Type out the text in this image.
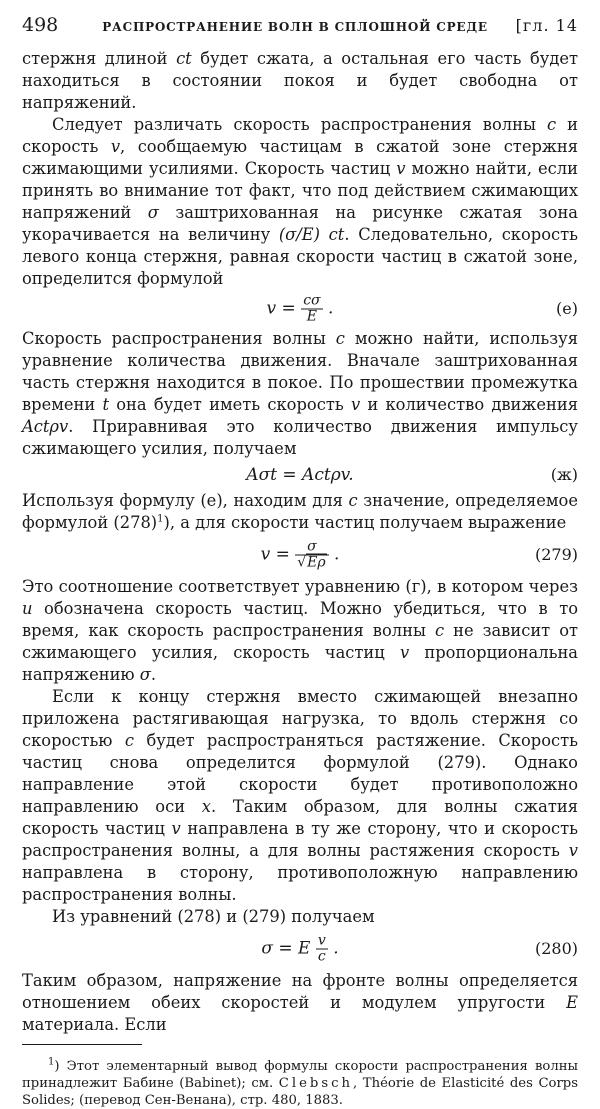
498	РАСПРОСТРАНЕНИЕ ВОЛН В СПЛОШНОЙ СРЕДЕ	[гл. 14

стержня длиной ct будет сжата, а остальная его часть будет находиться в состоянии покоя и будет свободна от напряжений.

Следует различать скорость распространения волны c и скорость v, сообщаемую частицам в сжатой зоне стержня сжимающими усилиями. Скорость частиц v можно найти, если принять во внимание тот факт, что под действием сжимающих напряжений σ заштрихованная на рисунке сжатая зона укорачивается на величину (σ/E) ct. Следовательно, скорость левого конца стержня, равная скорости частиц в сжатой зоне, определится формулой

$v = \frac{c\sigma}{E}$ .	(е)

Скорость распространения волны c можно найти, используя уравнение количества движения. Вначале заштрихованная часть стержня находится в покое. По прошествии промежутка времени t она будет иметь скорость v и количество движения Actρv. Приравнивая это количество движения импульсу сжимающего усилия, получаем

Aσt = Actρv.	(ж)

Используя формулу (е), находим для c значение, определяемое формулой $(278)^1$), а для скорости частиц получаем выражение

$v = \frac{\sigma}{√E\rho}$ .	(279)

Это соотношение соответствует уравнению (г), в котором через u обозначена скорость частиц. Можно убедиться, что в то время, как скорость распространения волны c не зависит от сжимающего усилия, скорость частиц v пропорциональна напряжению σ.

Если к концу стержня вместо сжимающей внезапно приложена растягивающая нагрузка, то вдоль стержня со скоростью c будет распространяться растяжение. Скорость частиц снова определится формулой (279). Однако направление этой скорости будет противоположно направлению оси x. Таким образом, для волны сжатия скорость частиц v направлена в ту же сторону, что и скорость распространения волны, а для волны растяжения скорость v направлена в сторону, противоположную направлению распространения волны.

Из уравнений (278) и (279) получаем

σ = E $\frac{v}{c}$ .	(280)

Таким образом, напряжение на фронте волны определяется отношением обеих скоростей и модулем упругости E материала. Если

$^1$) Этот элементарный вывод формулы скорости распространения волны принадлежит Бабине (Babinet); см. Clebsch, Théorie de Elasticité des Corps Solides; (перевод Сен-Венана), стр. 480, 1883.
